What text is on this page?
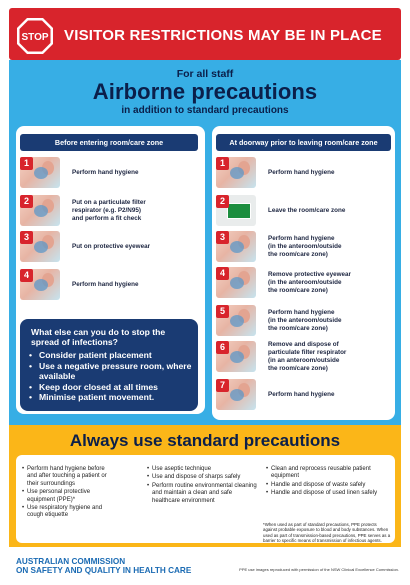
STOP VISITOR RESTRICTIONS MAY BE IN PLACE
For all staff
Airborne precautions
in addition to standard precautions
Before entering room/care zone	At doorway prior to leaving room/care zone
1
Perform hand hygiene
2	Put on a particulate filter
respirator (e.g. P2/N95)
and perform a fit check
3
Put on protective eyewear
4
Perform hand hygiene
1
Perform hand hygiene
2
Leave the room/care zone
3	Perform hand hygiene
(in the anteroom/outside
the room/care zone)
4	Remove protective eyewear
(in the anteroom/outside
the room/care zone)
5	Perform hand hygiene
(in the anteroom/outside
the room/care zone)
6	Remove and dispose of
particulate filter respirator
(in an anteroom/outside
the room/care zone)
7
Perform hand hygiene
What else can you do to stop the spread of infections?
• Consider patient placement
• Use a negative pressure room, where available
• Keep door closed at all times
• Minimise patient movement.
Always use standard precautions
• Perform hand hygiene before and after touching a patient or their surroundings
• Use personal protective equipment (PPE)*
• Use respiratory hygiene and cough etiquette
• Use aseptic technique
• Use and dispose of sharps safely
• Perform routine environmental cleaning and maintain a clean and safe healthcare environment
• Clean and reprocess reusable patient equipment
• Handle and dispose of waste safely
• Handle and dispose of used linen safely
*When used as part of standard precautions, PPE protects against probable exposure to blood and body substances. When used as part of transmission-based precautions, PPE serves as a barrier to specific means of transmission of infectious agents.
AUSTRALIAN COMMISSION
ON SAFETY AND QUALITY IN HEALTH CARE	PPE use images reproduced with permission of the NSW Clinical Excellence Commission.
